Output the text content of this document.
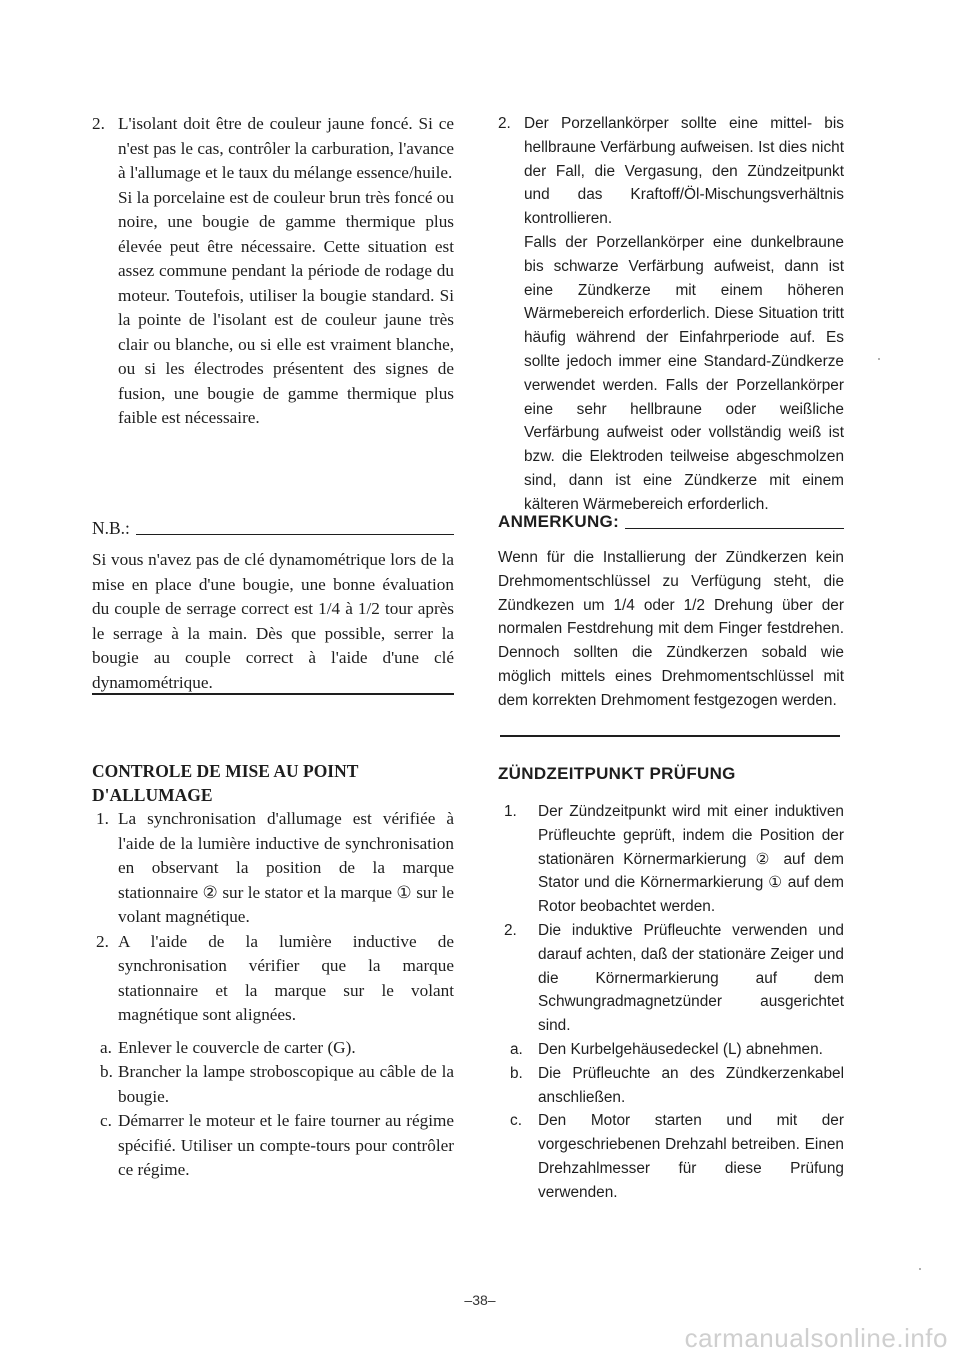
2. L'isolant doit être de couleur jaune foncé. Si ce n'est pas le cas, contrôler la carburation, l'avance à l'allumage et le taux du mélange essence/huile.

Si la porcelaine est de couleur brun très foncé ou noire, une bougie de gamme thermique plus élevée peut être nécessaire. Cette situation est assez commune pendant la période de rodage du moteur. Toutefois, utiliser la bougie standard. Si la pointe de l'isolant est de couleur jaune très clair ou blanche, ou si elle est vraiment blanche, ou si les électrodes présentent des signes de fusion, une bougie de gamme thermique plus faible est nécessaire.

N.B.:

Si vous n'avez pas de clé dynamométrique lors de la mise en place d'une bougie, une bonne évaluation du couple de serrage correct est 1/4 à 1/2 tour après le serrage à la main. Dès que possible, serrer la bougie au couple correct à l'aide d'une clé dynamométrique.

CONTROLE DE MISE AU POINT
D'ALLUMAGE
1. La synchronisation d'allumage est vérifiée à l'aide de la lumière inductive de synchronisation en observant la position de la marque stationnaire ② sur le stator et la marque ① sur le volant magnétique.

2. A l'aide de la lumière inductive de synchronisation vérifier que la marque stationnaire et la marque sur le volant magnétique sont alignées.

a. Enlever le couvercle de carter (G).

b. Brancher la lampe stroboscopique au câble de la bougie.

c. Démarrer le moteur et le faire tourner au régime spécifié. Utiliser un compte-tours pour contrôler ce régime.

2. Der Porzellankörper sollte eine mittel- bis hellbraune Verfärbung aufweisen. Ist dies nicht der Fall, die Vergasung, den Zündzeitpunkt und das Kraftoff/Öl-Mischungsverhältnis kontrollieren.

Falls der Porzellankörper eine dunkelbraune bis schwarze Verfärbung aufweist, dann ist eine Zündkerze mit einem höheren Wärmebereich erforderlich. Diese Situation tritt häufig während der Einfahrperiode auf. Es sollte jedoch immer eine Standard-Zündkerze verwendet werden. Falls der Porzellankörper eine sehr hellbraune oder weißliche Verfärbung aufweist oder vollständig weiß ist bzw. die Elektroden teilweise abgeschmolzen sind, dann ist eine Zündkerze mit einem kälteren Wärmebereich erforderlich.

ANMERKUNG:

Wenn für die Installierung der Zündkerzen kein Drehmomentschlüssel zu Verfügung steht, die Zündkezen um 1/4 oder 1/2 Drehung über der normalen Festdrehung mit dem Finger festdrehen. Dennoch sollten die Zündkerzen sobald wie möglich mittels eines Drehmomentschlüssel mit dem korrekten Drehmoment festgezogen werden.

ZÜNDZEITPUNKT PRÜFUNG
1.	Der Zündzeitpunkt wird mit einer induktiven Prüfleuchte geprüft, indem die Position der stationären Körnermarkierung ② auf dem Stator und die Körnermarkierung ① auf dem Rotor beobachtet werden.

2.	Die induktive Prüfleuchte verwenden und darauf achten, daß der stationäre Zeiger und die Körnermarkierung auf dem Schwungradmagnetzünder ausgerichtet sind.

a. Den Kurbelgehäusedeckel (L) abnehmen.

b. Die Prüfleuchte an des Zündkerzenkabel anschließen.

c.	Den Motor starten und mit der vorgeschriebenen Drehzahl betreiben. Einen Drehzahlmesser für diese Prüfung verwenden.

–38–
carmanualsonline.info
